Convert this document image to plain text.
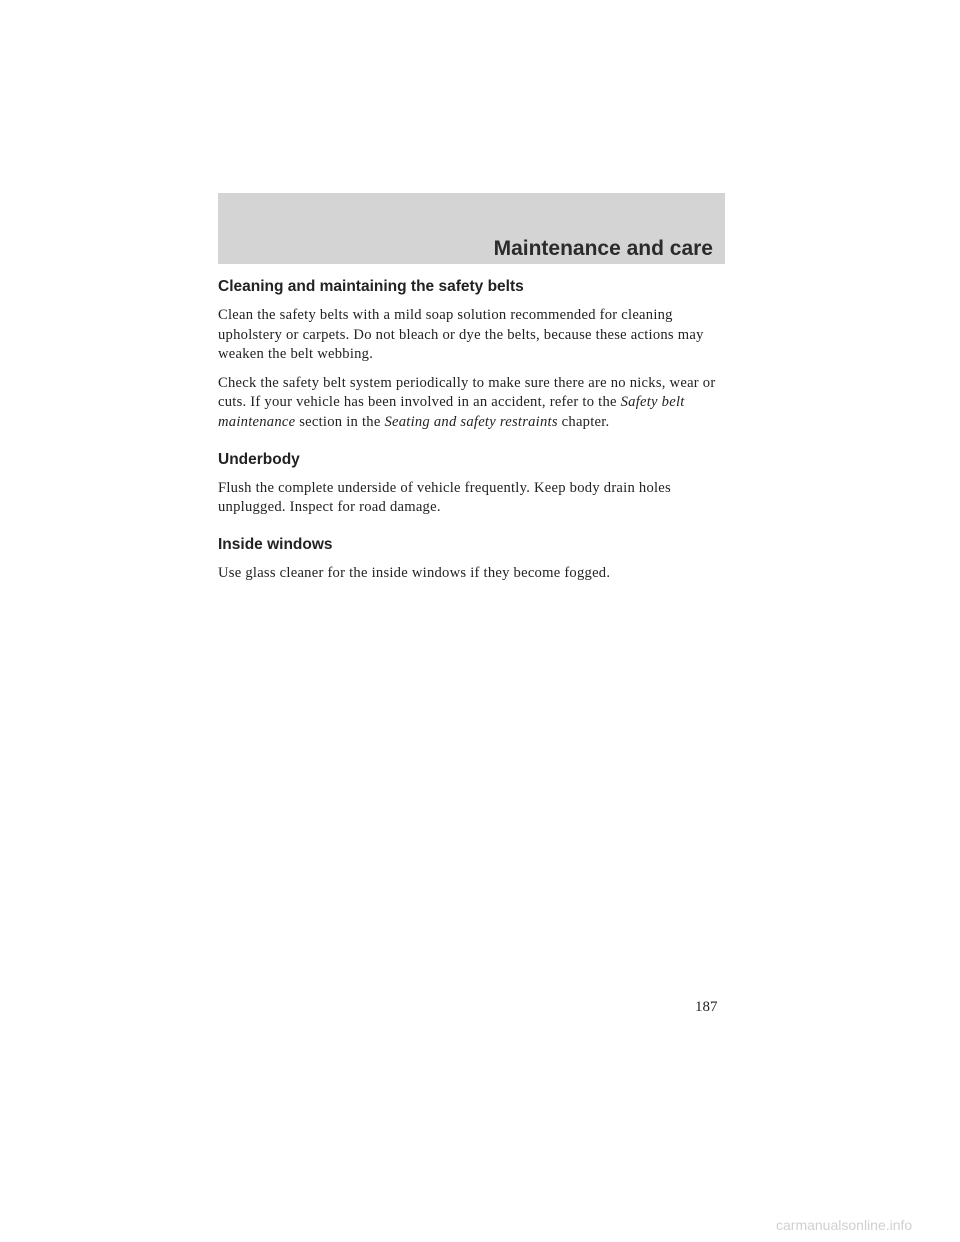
Maintenance and care
Cleaning and maintaining the safety belts

Clean the safety belts with a mild soap solution recommended for cleaning upholstery or carpets. Do not bleach or dye the belts, because these actions may weaken the belt webbing.

Check the safety belt system periodically to make sure there are no nicks, wear or cuts. If your vehicle has been involved in an accident, refer to the Safety belt maintenance section in the Seating and safety restraints chapter.

Underbody

Flush the complete underside of vehicle frequently. Keep body drain holes unplugged. Inspect for road damage.

Inside windows

Use glass cleaner for the inside windows if they become fogged.

187
carmanualsonline.info
